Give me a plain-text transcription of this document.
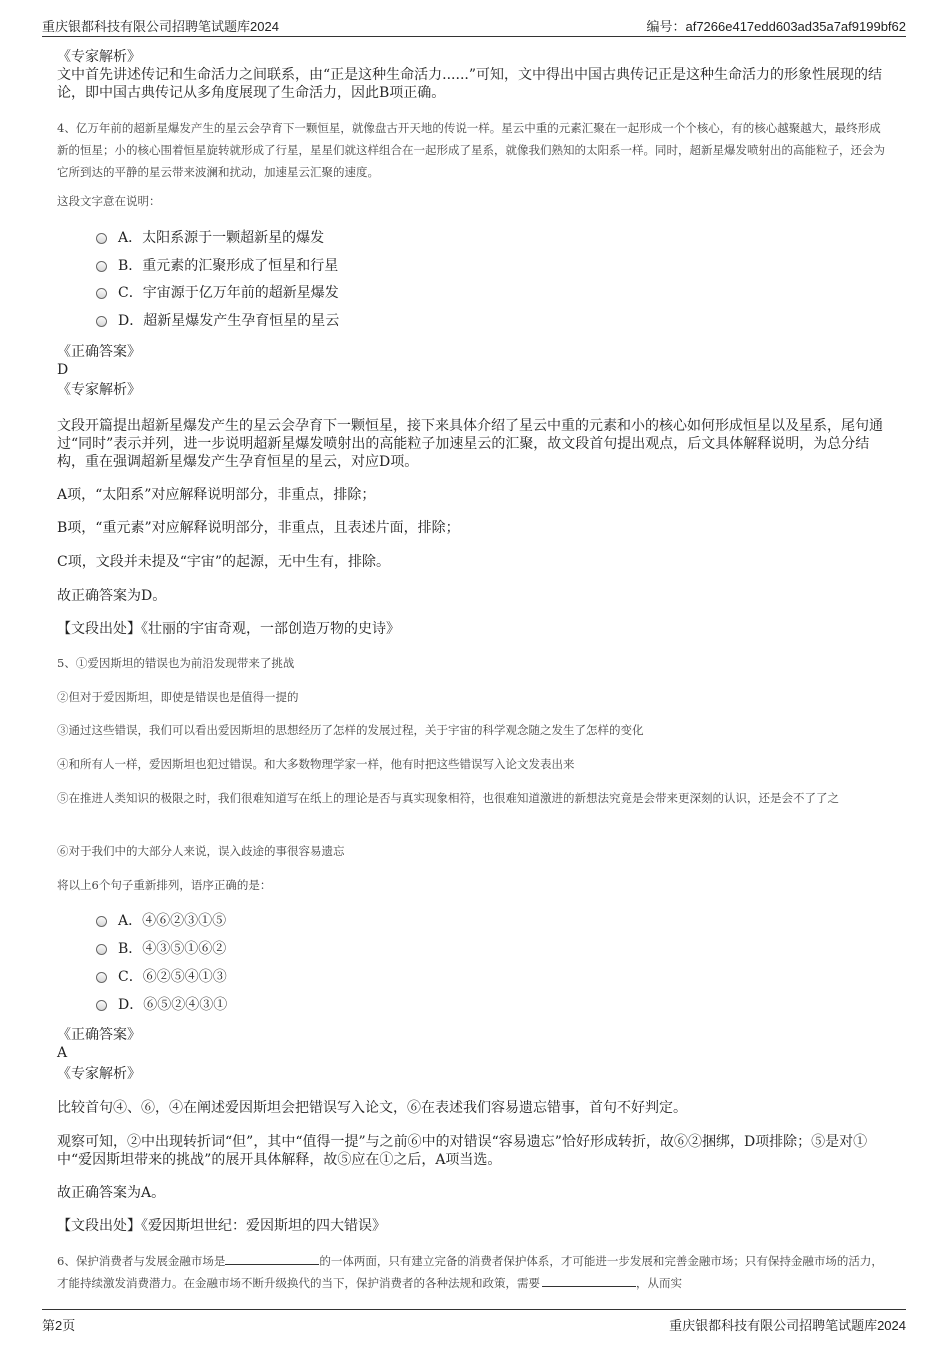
重庆银都科技有限公司招聘笔试题库2024	编号：af7266e417edd603ad35a7af9199bf62

《专家解析》

文中首先讲述传记和生命活力之间联系，由“正是这种生命活力......”可知，文中得出中国古典传记正是这种生命活力的形象性展现的结论，即中国古典传记从多角度展现了生命活力，因此B项正确。

4、亿万年前的超新星爆发产生的星云会孕育下一颗恒星，就像盘古开天地的传说一样。星云中重的元素汇聚在一起形成一个个核心，有的核心越聚越大，最终形成新的恒星；小的核心围着恒星旋转就形成了行星，星星们就这样组合在一起形成了星系，就像我们熟知的太阳系一样。同时，超新星爆发喷射出的高能粒子，还会为它所到达的平静的星云带来波澜和扰动，加速星云汇聚的速度。

这段文字意在说明：

A．太阳系源于一颗超新星的爆发
B．重元素的汇聚形成了恒星和行星
C．宇宙源于亿万年前的超新星爆发
D．超新星爆发产生孕育恒星的星云

《正确答案》

D

《专家解析》

文段开篇提出超新星爆发产生的星云会孕育下一颗恒星，接下来具体介绍了星云中重的元素和小的核心如何形成恒星以及星系，尾句通过“同时”表示并列，进一步说明超新星爆发喷射出的高能粒子加速星云的汇聚，故文段首句提出观点，后文具体解释说明，为总分结构，重在强调超新星爆发产生孕育恒星的星云，对应D项。

A项，“太阳系”对应解释说明部分，非重点，排除；

B项，“重元素”对应解释说明部分，非重点，且表述片面，排除；

C项，文段并未提及“宇宙”的起源，无中生有，排除。

故正确答案为D。

【文段出处】《壮丽的宇宙奇观，一部创造万物的史诗》

5、①爱因斯坦的错误也为前沿发现带来了挑战

②但对于爱因斯坦，即使是错误也是值得一提的

③通过这些错误，我们可以看出爱因斯坦的思想经历了怎样的发展过程，关于宇宙的科学观念随之发生了怎样的变化

④和所有人一样，爱因斯坦也犯过错误。和大多数物理学家一样，他有时把这些错误写入论文发表出来

⑤在推进人类知识的极限之时，我们很难知道写在纸上的理论是否与真实现象相符，也很难知道激进的新想法究竟是会带来更深刻的认识，还是会不了了之

⑥对于我们中的大部分人来说，误入歧途的事很容易遗忘

将以上6个句子重新排列，语序正确的是：

A．④⑥②③①⑤
B．④③⑤①⑥②
C．⑥②⑤④①③
D．⑥⑤②④③①

《正确答案》

A

《专家解析》

比较首句④、⑥，④在阐述爱因斯坦会把错误写入论文，⑥在表述我们容易遗忘错事，首句不好判定。

观察可知，②中出现转折词“但”，其中“值得一提”与之前⑥中的对错误“容易遗忘”恰好形成转折，故⑥②捆绑，D项排除；⑤是对①中“爱因斯坦带来的挑战”的展开具体解释，故⑤应在①之后，A项当选。

故正确答案为A。

【文段出处】《爱因斯坦世纪：爱因斯坦的四大错误》

6、保护消费者与发展金融市场是	的一体两面，只有建立完备的消费者保护体系，才可能进一步发展和完善金融市场；只有保持金融市场的活力，才能持续激发消费潜力。在金融市场不断升级换代的当下，保护消费者的各种法规和政策，需要	，从而实

第2页	重庆银都科技有限公司招聘笔试题库2024
